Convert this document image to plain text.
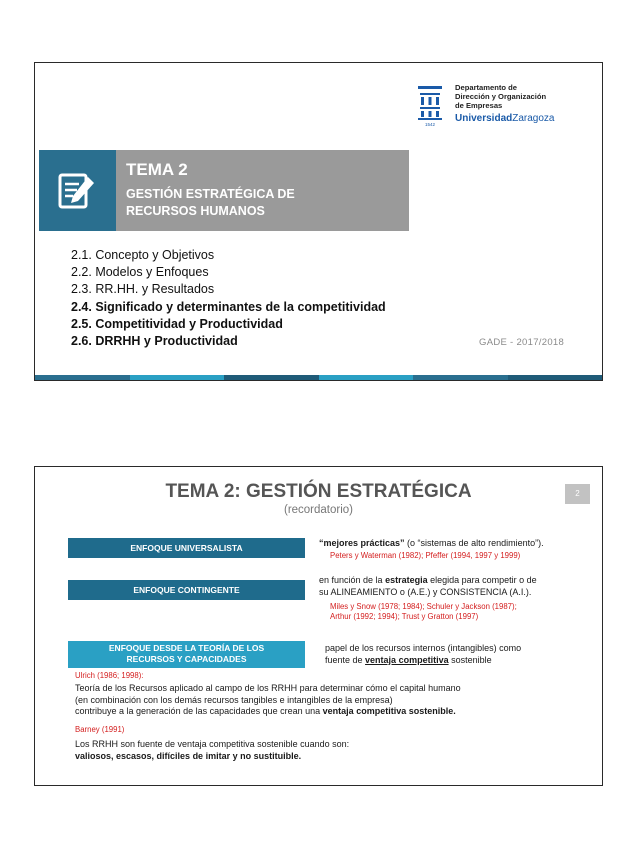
1542
Departamento de
Dirección y Organización
de Empresas
UniversidadZaragoza
TEMA 2
GESTIÓN ESTRATÉGICA DE
RECURSOS HUMANOS
2.1. Concepto y Objetivos
2.2. Modelos y Enfoques
2.3. RR.HH. y Resultados
2.4. Significado y determinantes de la competitividad
2.5. Competitividad y Productividad
2.6. DRRHH y Productividad	GADE - 2017/2018
TEMA 2: GESTIÓN ESTRATÉGICA
(recordatorio)
2
ENFOQUE UNIVERSALISTA	“mejores prácticas” (o “sistemas de alto rendimiento”).
Peters y Waterman (1982); Pfeffer (1994, 1997 y 1999)
ENFOQUE CONTINGENTE
en función de la estrategia elegida para competir o de
su ALINEAMIENTO o (A.E.) y CONSISTENCIA (A.I.).
Miles y Snow (1978; 1984); Schuler y Jackson (1987);
Arthur (1992; 1994); Trust y Gratton (1997)
ENFOQUE DESDE LA TEORÍA DE LOS
RECURSOS Y CAPACIDADES
papel de los recursos internos (intangibles) como
fuente de ventaja competitiva sostenible
Ulrich (1986; 1998):
Teoría de los Recursos aplicado al campo de los RRHH para determinar cómo el capital humano
(en combinación con los demás recursos tangibles e intangibles de la empresa)
contribuye a la generación de las capacidades que crean una ventaja competitiva sostenible.
Barney (1991)
Los RRHH son fuente de ventaja competitiva sostenible cuando son:
valiosos, escasos, difíciles de imitar y no sustituible.
